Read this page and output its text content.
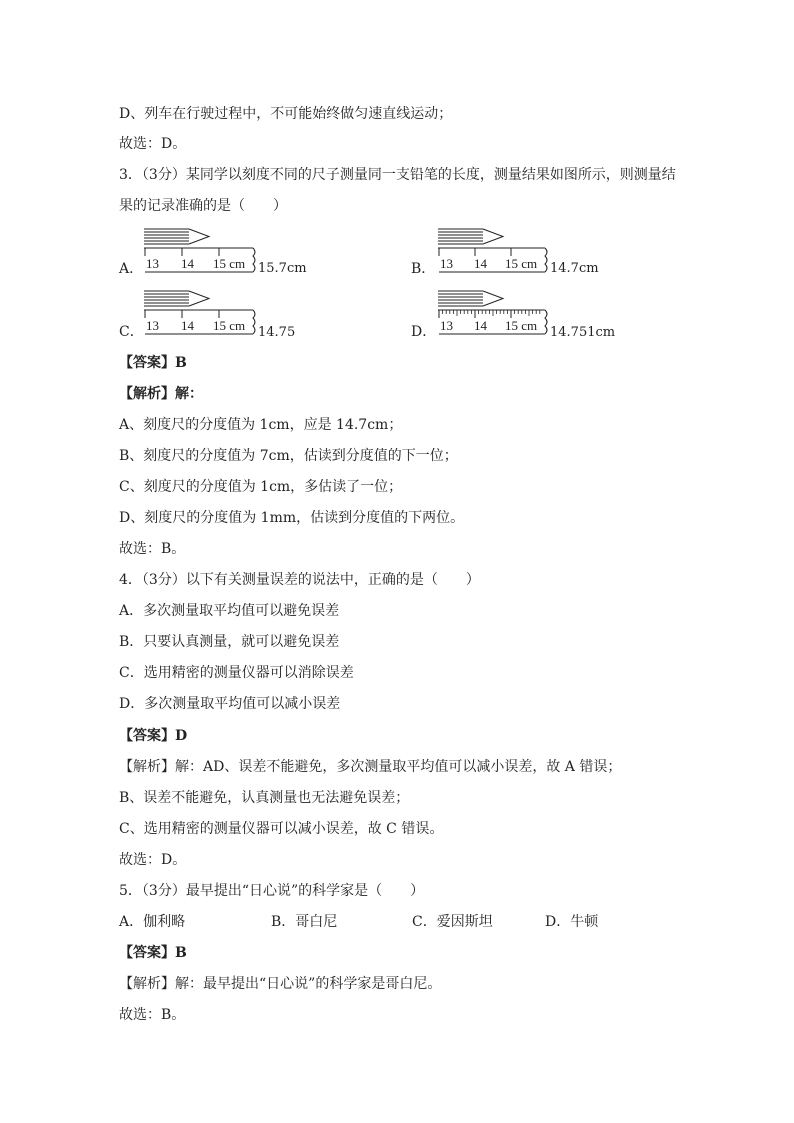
D、列车在行驶过程中，不可能始终做匀速直线运动；
故选：D。
3．（3分）某同学以刻度不同的尺子测量同一支铅笔的长度，测量结果如图所示，则测量结
果的记录准确的是（　　）
A． 13 14 15 cm 15.7cm	B． 13 14 15 cm 14.7cm
C． 13 14 15 cm 14.75	D． 13 14 15 cm 14.751cm
【答案】B
【解析】解：
A、刻度尺的分度值为 1cm，应是 14.7cm；
B、刻度尺的分度值为 7cm，估读到分度值的下一位；
C、刻度尺的分度值为 1cm，多估读了一位；
D、刻度尺的分度值为 1mm，估读到分度值的下两位。
故选：B。
4．（3分）以下有关测量误差的说法中，正确的是（　　）
A．多次测量取平均值可以避免误差
B．只要认真测量，就可以避免误差
C．选用精密的测量仪器可以消除误差
D．多次测量取平均值可以减小误差
【答案】D
【解析】解：AD、误差不能避免，多次测量取平均值可以减小误差，故 A 错误；
B、误差不能避免，认真测量也无法避免误差；
C、选用精密的测量仪器可以减小误差，故 C 错误。
故选：D。
5．（3分）最早提出“日心说”的科学家是（　　）
A．伽利略	B．哥白尼	C．爱因斯坦	D．牛顿
【答案】B
【解析】解：最早提出“日心说”的科学家是哥白尼。
故选：B。
